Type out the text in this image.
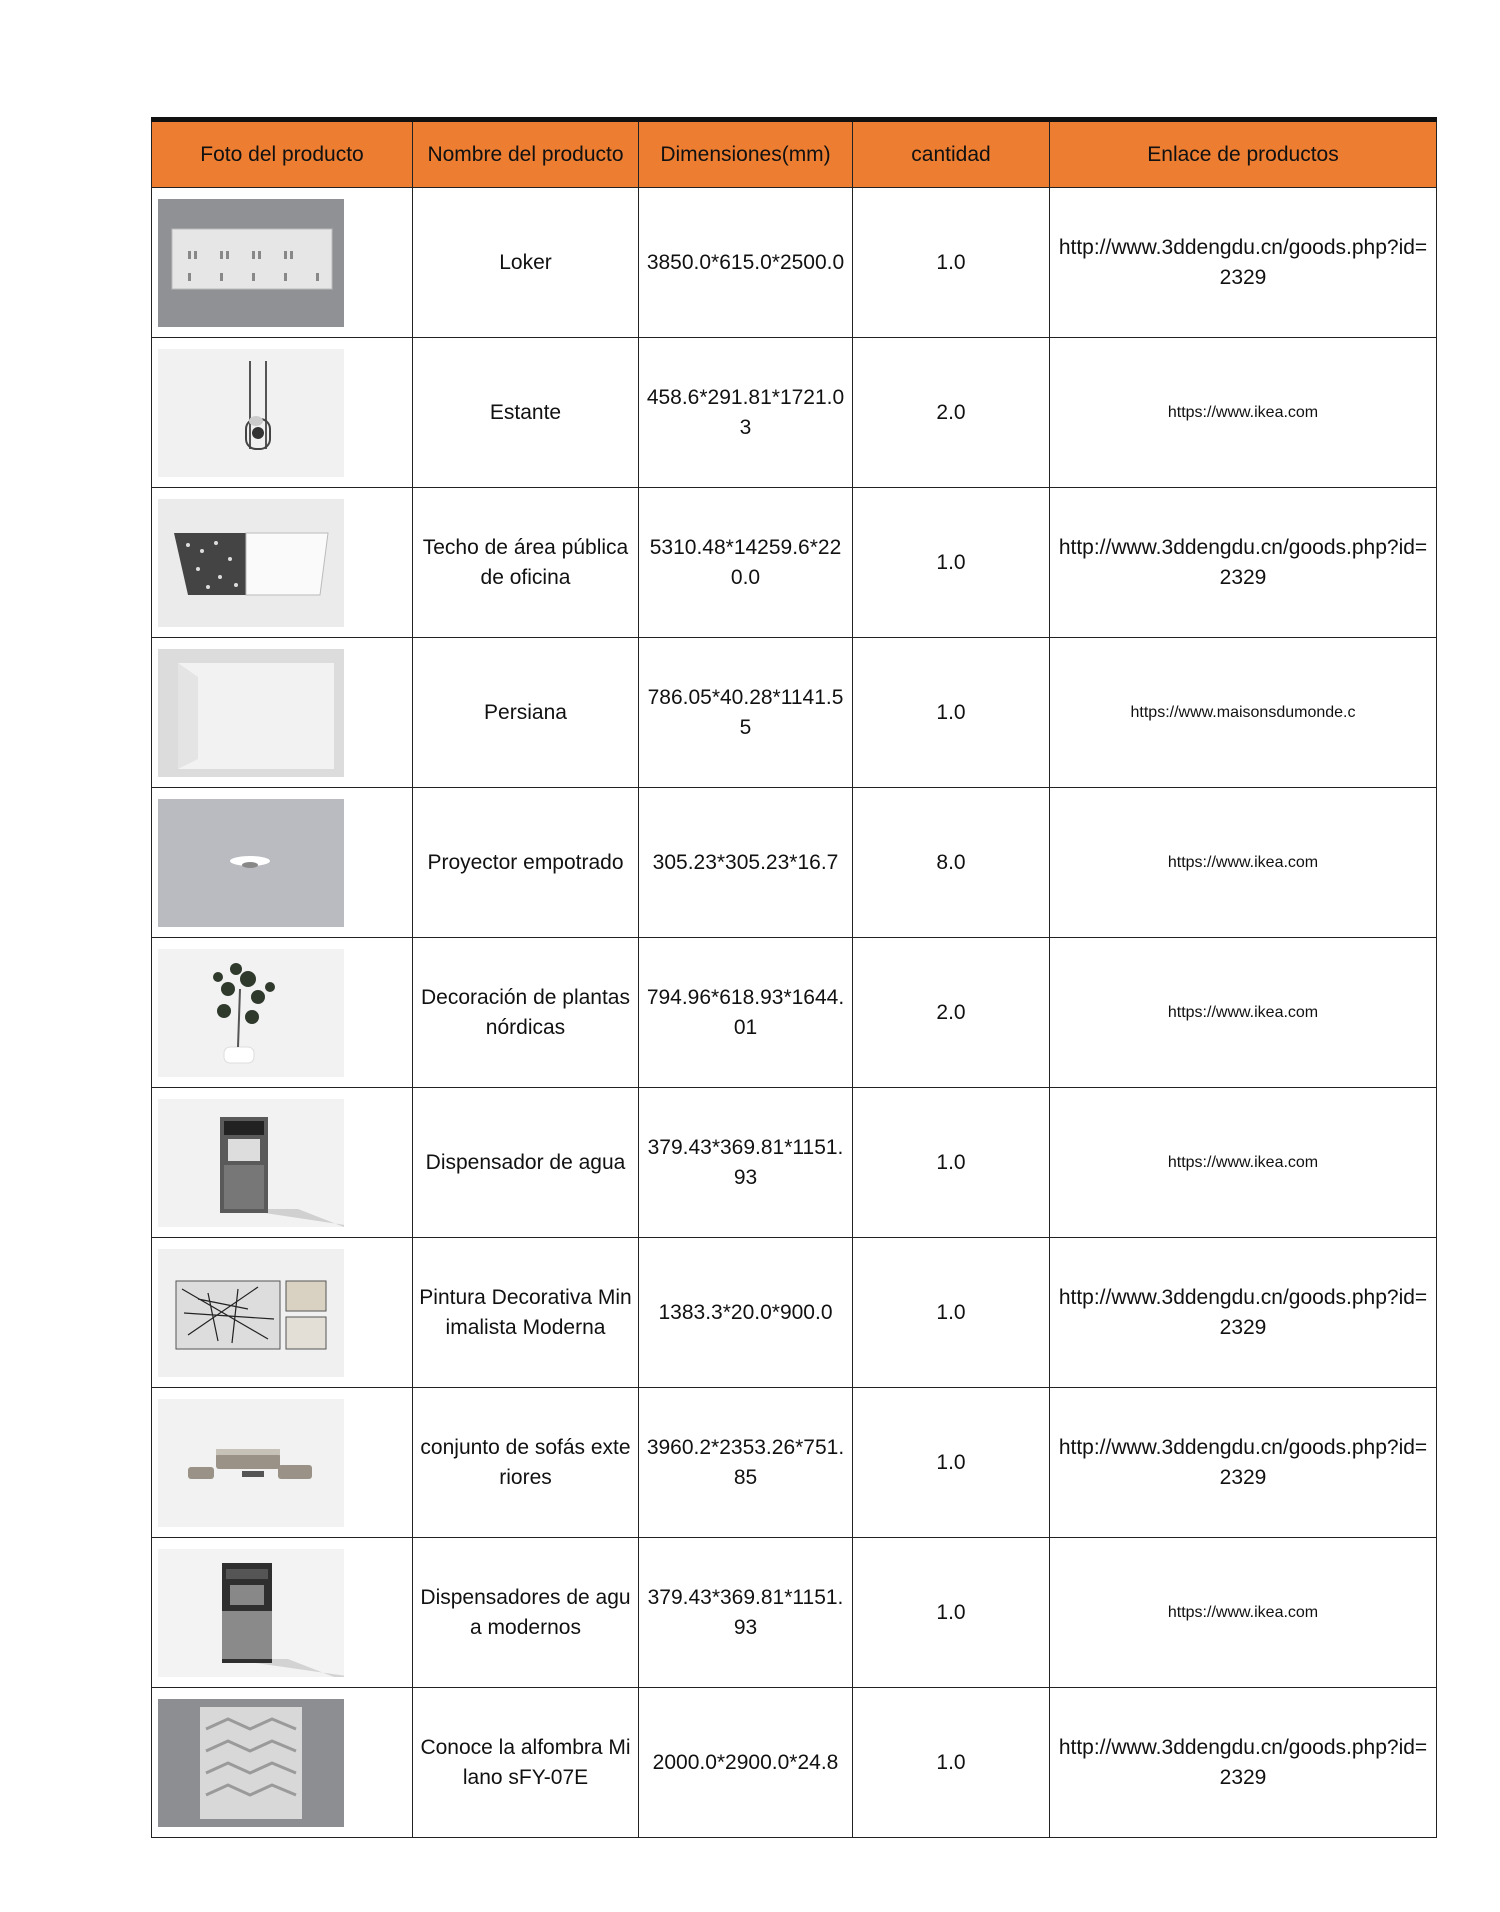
Foto del producto	Nombre del producto	Dimensiones(mm)	cantidad	Enlace de productos

Loker	3850.0*615.0*2500.0	1.0	http://www.3ddengdu.cn/goods.php?id=2329

Estante	458.6*291.81*1721.03	2.0	https://www.ikea.com

Techo de área pública de oficina	5310.48*14259.6*220.0	1.0	http://www.3ddengdu.cn/goods.php?id=2329

Persiana	786.05*40.28*1141.55	1.0	https://www.maisonsdumonde.c

Proyector empotrado	305.23*305.23*16.7	8.0	https://www.ikea.com

Decoración de plantas nórdicas	794.96*618.93*1644.01	2.0	https://www.ikea.com

Dispensador de agua	379.43*369.81*1151.93	1.0	https://www.ikea.com

Pintura Decorativa Minimalista Moderna	1383.3*20.0*900.0	1.0	http://www.3ddengdu.cn/goods.php?id=2329

conjunto de sofás exteriores	3960.2*2353.26*751.85	1.0	http://www.3ddengdu.cn/goods.php?id=2329

Dispensadores de agua modernos	379.43*369.81*1151.93	1.0	https://www.ikea.com

Conoce la alfombra Milano sFY-07E	2000.0*2900.0*24.8	1.0	http://www.3ddengdu.cn/goods.php?id=2329
